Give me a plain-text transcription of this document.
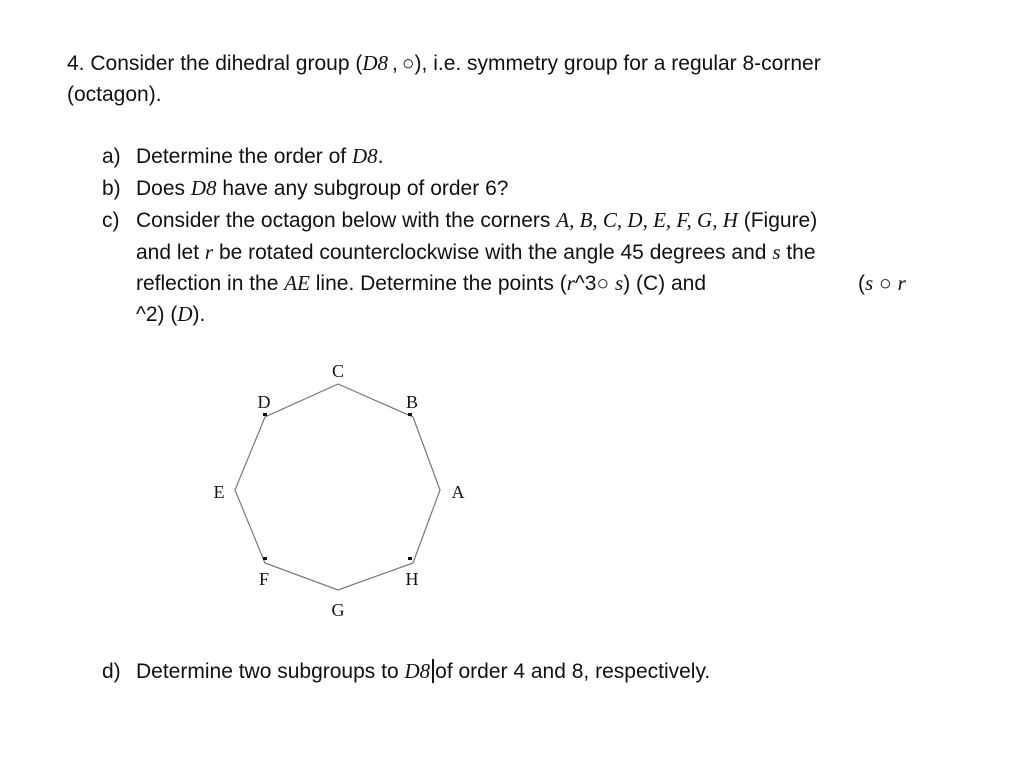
4. Consider the dihedral group (D8 , ○), i.e. symmetry group for a regular 8-corner
(octagon).
a) Determine the order of D8.
b) Does D8 have any subgroup of order 6?
c) Consider the octagon below with the corners A, B, C, D, E, F, G, H (Figure)
and let r be rotated counterclockwise with the angle 45 degrees and s the
reflection in the AE line. Determine the points (r^3○ s) (C) and	(s ○ r
^2) (D).
A
B
C
D
E
F
G
H
d) Determine two subgroups to D8 of order 4 and 8, respectively.
